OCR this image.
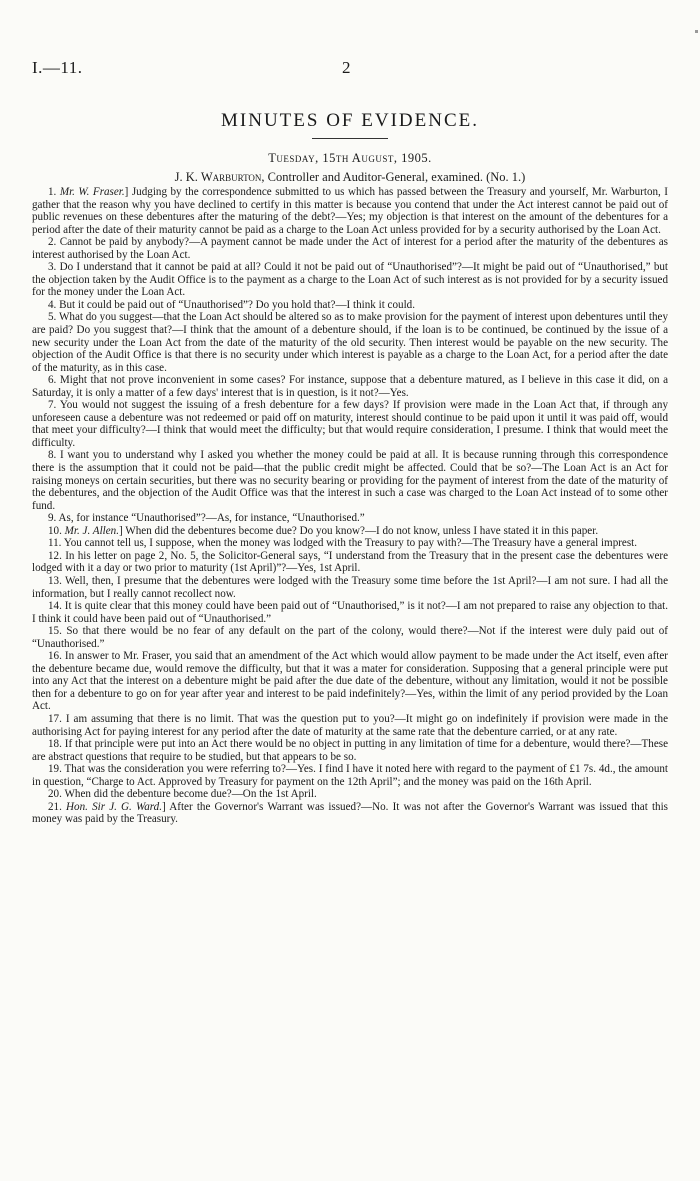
I.—11.	2
MINUTES OF EVIDENCE.
Tuesday, 15th August, 1905.
J. K. Warburton, Controller and Auditor-General, examined. (No. 1.)

1. Mr. W. Fraser.] Judging by the correspondence submitted to us which has passed between the Treasury and yourself, Mr. Warburton, I gather that the reason why you have declined to certify in this matter is because you contend that under the Act interest cannot be paid out of public revenues on these debentures after the maturing of the debt?—Yes; my objection is that interest on the amount of the debentures for a period after the date of their maturity cannot be paid as a charge to the Loan Act unless provided for by a security authorised by the Loan Act.

2. Cannot be paid by anybody?—A payment cannot be made under the Act of interest for a period after the maturity of the debentures as interest authorised by the Loan Act.

3. Do I understand that it cannot be paid at all? Could it not be paid out of “Unauthorised”?—It might be paid out of “Unauthorised,” but the objection taken by the Audit Office is to the payment as a charge to the Loan Act of such interest as is not provided for by a security issued for the money under the Loan Act.

4. But it could be paid out of “Unauthorised”? Do you hold that?—I think it could.

5. What do you suggest—that the Loan Act should be altered so as to make provision for the payment of interest upon debentures until they are paid? Do you suggest that?—I think that the amount of a debenture should, if the loan is to be continued, be continued by the issue of a new security under the Loan Act from the date of the maturity of the old security. Then interest would be payable on the new security. The objection of the Audit Office is that there is no security under which interest is payable as a charge to the Loan Act, for a period after the date of the maturity, as in this case.

6. Might that not prove inconvenient in some cases? For instance, suppose that a debenture matured, as I believe in this case it did, on a Saturday, it is only a matter of a few days' interest that is in question, is it not?—Yes.

7. You would not suggest the issuing of a fresh debenture for a few days? If provision were made in the Loan Act that, if through any unforeseen cause a debenture was not redeemed or paid off on maturity, interest should continue to be paid upon it until it was paid off, would that meet your difficulty?—I think that would meet the difficulty; but that would require consideration, I presume. I think that would meet the difficulty.

8. I want you to understand why I asked you whether the money could be paid at all. It is because running through this correspondence there is the assumption that it could not be paid—that the public credit might be affected. Could that be so?—The Loan Act is an Act for raising moneys on certain securities, but there was no security bearing or providing for the payment of interest from the date of the maturity of the debentures, and the objection of the Audit Office was that the interest in such a case was charged to the Loan Act instead of to some other fund.

9. As, for instance “Unauthorised”?—As, for instance, “Unauthorised.”

10. Mr. J. Allen.] When did the debentures become due? Do you know?—I do not know, unless I have stated it in this paper.

11. You cannot tell us, I suppose, when the money was lodged with the Treasury to pay with?—The Treasury have a general imprest.

12. In his letter on page 2, No. 5, the Solicitor-General says, “I understand from the Treasury that in the present case the debentures were lodged with it a day or two prior to maturity (1st April)”?—Yes, 1st April.

13. Well, then, I presume that the debentures were lodged with the Treasury some time before the 1st April?—I am not sure. I had all the information, but I really cannot recollect now.

14. It is quite clear that this money could have been paid out of “Unauthorised,” is it not?—I am not prepared to raise any objection to that. I think it could have been paid out of “Unauthorised.”

15. So that there would be no fear of any default on the part of the colony, would there?—Not if the interest were duly paid out of “Unauthorised.”

16. In answer to Mr. Fraser, you said that an amendment of the Act which would allow payment to be made under the Act itself, even after the debenture became due, would remove the difficulty, but that it was a mater for consideration. Supposing that a general principle were put into any Act that the interest on a debenture might be paid after the due date of the debenture, without any limitation, would it not be possible then for a debenture to go on for year after year and interest to be paid indefinitely?—Yes, within the limit of any period provided by the Loan Act.

17. I am assuming that there is no limit. That was the question put to you?—It might go on indefinitely if provision were made in the authorising Act for paying interest for any period after the date of maturity at the same rate that the debenture carried, or at any rate.

18. If that principle were put into an Act there would be no object in putting in any limitation of time for a debenture, would there?—These are abstract questions that require to be studied, but that appears to be so.

19. That was the consideration you were referring to?—Yes. I find I have it noted here with regard to the payment of £1 7s. 4d., the amount in question, “Charge to Act. Approved by Treasury for payment on the 12th April”; and the money was paid on the 16th April.

20. When did the debenture become due?—On the 1st April.

21. Hon. Sir J. G. Ward.] After the Governor's Warrant was issued?—No. It was not after the Governor's Warrant was issued that this money was paid by the Treasury.
